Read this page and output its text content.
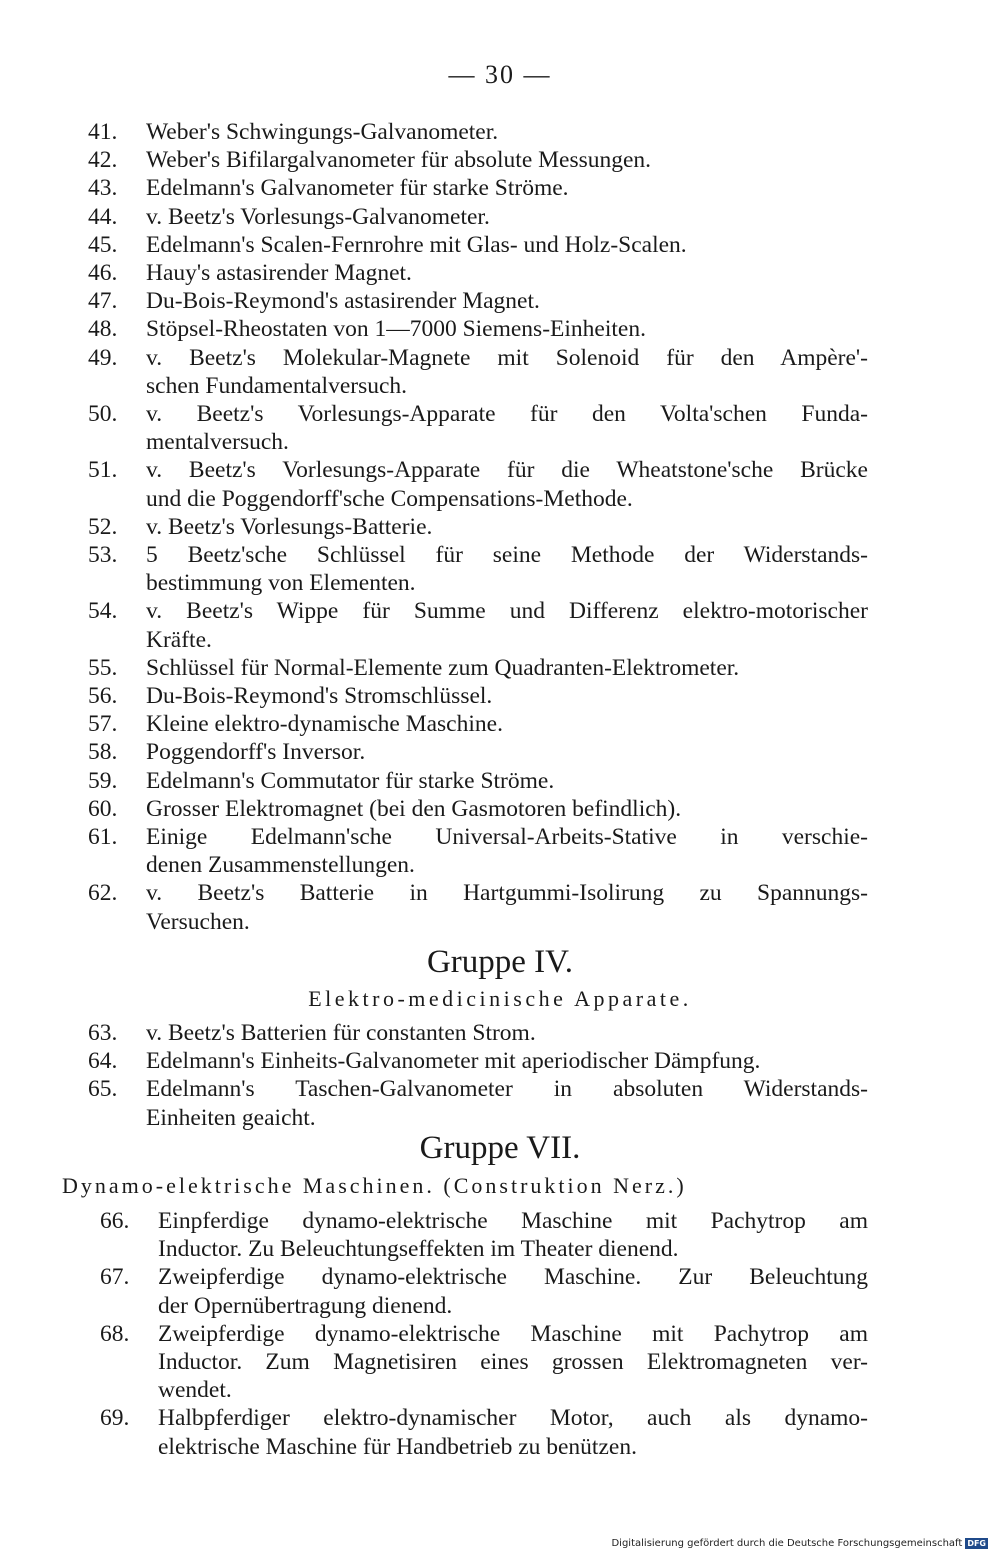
— 30 —
41.	Weber's Schwingungs-Galvanometer.
42.	Weber's Bifilargalvanometer für absolute Messungen.
43.	Edelmann's Galvanometer für starke Ströme.
44.	v. Beetz's Vorlesungs-Galvanometer.
45.	Edelmann's Scalen-Fernrohre mit Glas- und Holz-Scalen.
46.	Hauy's astasirender Magnet.
47.	Du-Bois-Reymond's astasirender Magnet.
48.	Stöpsel-Rheostaten von 1—7000 Siemens-Einheiten.
49.	v. Beetz's Molekular-Magnete mit Solenoid für den Ampère'-
schen Fundamentalversuch.
50.	v. Beetz's Vorlesungs-Apparate für den Volta'schen Funda-
mentalversuch.
51.	v. Beetz's Vorlesungs-Apparate für die Wheatstone'sche Brücke
und die Poggendorff'sche Compensations-Methode.
52.	v. Beetz's Vorlesungs-Batterie.
53.	5 Beetz'sche Schlüssel für seine Methode der Widerstands-
bestimmung von Elementen.
54.	v. Beetz's Wippe für Summe und Differenz elektro-motorischer
Kräfte.
55.	Schlüssel für Normal-Elemente zum Quadranten-Elektrometer.
56.	Du-Bois-Reymond's Stromschlüssel.
57.	Kleine elektro-dynamische Maschine.
58.	Poggendorff's Inversor.
59.	Edelmann's Commutator für starke Ströme.
60.	Grosser Elektromagnet (bei den Gasmotoren befindlich).
61.	Einige Edelmann'sche Universal-Arbeits-Stative in verschie-
denen Zusammenstellungen.
62.	v. Beetz's Batterie in Hartgummi-Isolirung zu Spannungs-
Versuchen.
Gruppe IV.
Elektro-medicinische Apparate.
63.	v. Beetz's Batterien für constanten Strom.
64.	Edelmann's Einheits-Galvanometer mit aperiodischer Dämpfung.
65.	Edelmann's Taschen-Galvanometer in absoluten Widerstands-
Einheiten geaicht.
Gruppe VII.
Dynamo-elektrische Maschinen. (Construktion Nerz.)
66.	Einpferdige dynamo-elektrische Maschine mit Pachytrop am
Inductor. Zu Beleuchtungseffekten im Theater dienend.
67.	Zweipferdige dynamo-elektrische Maschine. Zur Beleuchtung
der Opernübertragung dienend.
68.	Zweipferdige dynamo-elektrische Maschine mit Pachytrop am
Inductor. Zum Magnetisiren eines grossen Elektromagneten ver-
wendet.
69.	Halbpferdiger elektro-dynamischer Motor, auch als dynamo-
elektrische Maschine für Handbetrieb zu benützen.
Digitalisierung gefördert durch die Deutsche Forschungsgemeinschaft DFG
